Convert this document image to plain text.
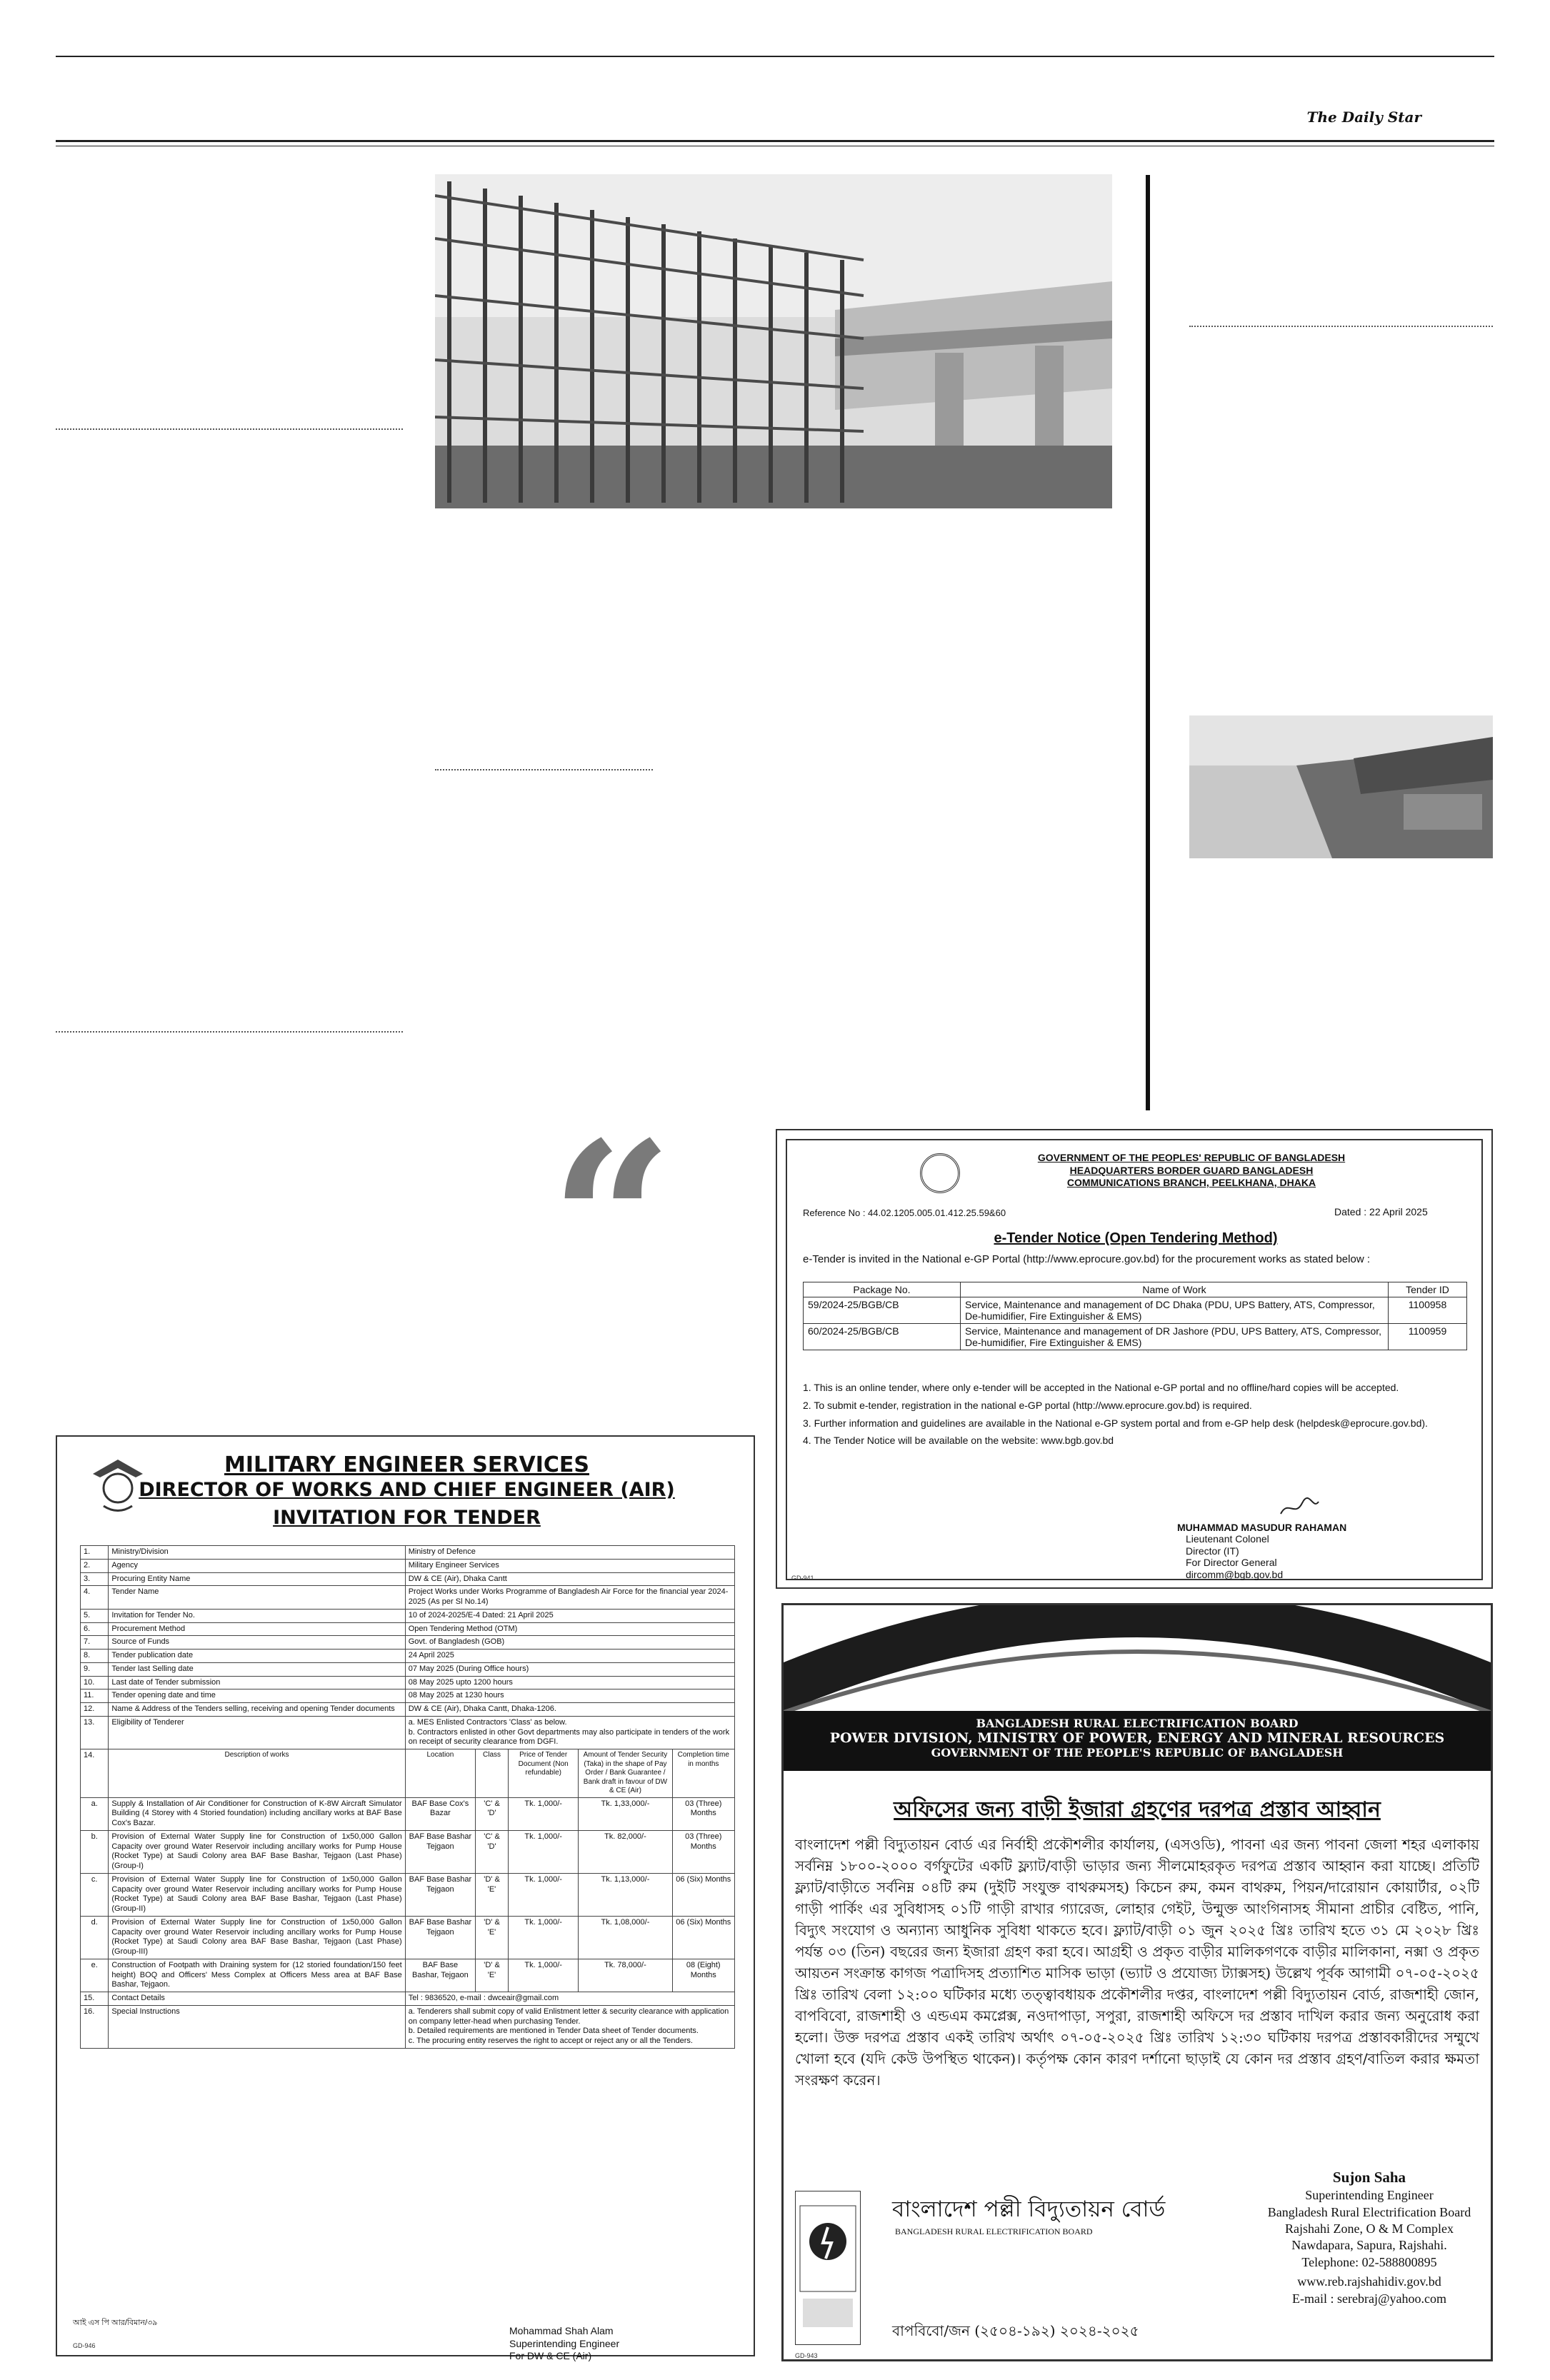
The Daily Star
“	GOVERNMENT OF THE PEOPLES' REPUBLIC OF BANGLADESH
HEADQUARTERS BORDER GUARD BANGLADESH
COMMUNICATIONS BRANCH, PEELKHANA, DHAKA
Reference No : 44.02.1205.005.01.412.25.59&60	Dated : 22 April 2025
e-Tender Notice (Open Tendering Method)
e-Tender is invited in the National e-GP Portal (http://www.eprocure.gov.bd) for the procurement works as stated below :
Package No.	Name of Work	Tender ID
59/2024-25/BGB/CB	Service, Maintenance and management of DC Dhaka (PDU, UPS Battery, ATS, Compressor, De-humidifier, Fire Extinguisher & EMS)	1100958
60/2024-25/BGB/CB	Service, Maintenance and management of DR Jashore (PDU, UPS Battery, ATS, Compressor, De-humidifier, Fire Extinguisher & EMS)	1100959
1. This is an online tender, where only e-tender will be accepted in the National e-GP portal and no offline/hard copies will be accepted.
2. To submit e-tender, registration in the national e-GP portal (http://www.eprocure.gov.bd) is required.
3. Further information and guidelines are available in the National e-GP system portal and from e-GP help desk (helpdesk@eprocure.gov.bd).
4. The Tender Notice will be available on the website: www.bgb.gov.bd
MUHAMMAD MASUDUR RAHAMAN
Lieutenant Colonel
Director (IT)
For Director General
dircomm@bgb.gov.bd
GD-941
MILITARY ENGINEER SERVICES
DIRECTOR OF WORKS AND CHIEF ENGINEER (AIR)
INVITATION FOR TENDER
1.	Ministry/Division	Ministry of Defence				
2.	Agency	Military Engineer Services				
3.	Procuring Entity Name	DW & CE (Air), Dhaka Cantt				
4.	Tender Name	Project Works under Works Programme of Bangladesh Air Force for the financial year 2024-2025 (As per Sl No.14)				
5.	Invitation for Tender No.	10 of 2024-2025/E-4 Dated: 21 April 2025				
6.	Procurement Method	Open Tendering Method (OTM)				
7.	Source of Funds	Govt. of Bangladesh (GOB)				
8.	Tender publication date	24 April 2025				
9.	Tender last Selling date	07 May 2025 (During Office hours)				
10.	Last date of Tender submission	08 May 2025 upto 1200 hours				
11.	Tender opening date and time	08 May 2025 at 1230 hours				
12.	Name & Address of the Tenders selling, receiving and opening Tender documents	DW & CE (Air), Dhaka Cantt, Dhaka-1206.				
13.	Eligibility of Tenderer	a. MES Enlisted Contractors 'Class' as below.
b. Contractors enlisted in other Govt departments may also participate in tenders of the work on receipt of security clearance from DGFI.				
14.	Description of works	Location	Class	Price of Tender Document (Non refundable)	Amount of Tender Security (Taka) in the shape of Pay Order / Bank Guarantee / Bank draft in favour of DW & CE (Air)	Completion time in months
a.	Supply & Installation of Air Conditioner for Construction of K-8W Aircraft Simulator Building (4 Storey with 4 Storied foundation) including ancillary works at BAF Base Cox's Bazar.	BAF Base Cox's Bazar	'C' & 'D'	Tk. 1,000/-	Tk. 1,33,000/-	03 (Three) Months
b.	Provision of External Water Supply line for Construction of 1x50,000 Gallon Capacity over ground Water Reservoir including ancillary works for Pump House (Rocket Type) at Saudi Colony area BAF Base Bashar, Tejgaon (Last Phase) (Group-I)	BAF Base Bashar Tejgaon	'C' & 'D'	Tk. 1,000/-	Tk. 82,000/-	03 (Three) Months
c.	Provision of External Water Supply line for Construction of 1x50,000 Gallon Capacity over ground Water Reservoir including ancillary works for Pump House (Rocket Type) at Saudi Colony area BAF Base Bashar, Tejgaon (Last Phase) (Group-II)	BAF Base Bashar Tejgaon	'D' & 'E'	Tk. 1,000/-	Tk. 1,13,000/-	06 (Six) Months
d.	Provision of External Water Supply line for Construction of 1x50,000 Gallon Capacity over ground Water Reservoir including ancillary works for Pump House (Rocket Type) at Saudi Colony area BAF Base Bashar, Tejgaon (Last Phase) (Group-III)	BAF Base Bashar Tejgaon	'D' & 'E'	Tk. 1,000/-	Tk. 1,08,000/-	06 (Six) Months
e.	Construction of Footpath with Draining system for (12 storied foundation/150 feet height) BOQ and Officers' Mess Complex at Officers Mess area at BAF Base Bashar, Tejgaon.	BAF Base Bashar, Tejgaon	'D' & 'E'	Tk. 1,000/-	Tk. 78,000/-	08 (Eight) Months
15.	Contact Details	Tel : 9836520, e-mail : dwceair@gmail.com				
16.	Special Instructions	a. Tenderers shall submit copy of valid Enlistment letter & security clearance with application on company letter-head when purchasing Tender.
b. Detailed requirements are mentioned in Tender Data sheet of Tender documents.
c. The procuring entity reserves the right to accept or reject any or all the Tenders.				
আই এস পি আর/বিমান/৩৯
Mohammad Shah Alam
Superintending Engineer
For DW & CE (Air)
GD-946
BANGLADESH RURAL ELECTRIFICATION BOARD
POWER DIVISION, MINISTRY OF POWER, ENERGY AND MINERAL RESOURCES
GOVERNMENT OF THE PEOPLE'S REPUBLIC OF BANGLADESH
অফিসের জন্য বাড়ী ইজারা গ্রহণের দরপত্র প্রস্তাব আহ্বান
বাংলাদেশ পল্লী বিদ্যুতায়ন বোর্ড এর নির্বাহী প্রকৌশলীর কার্যালয়, (এসওডি), পাবনা এর জন্য পাবনা জেলা শহর এলাকায় সর্বনিম্ন ১৮০০-২০০০ বর্গফুটের একটি ফ্ল্যাট/বাড়ী ভাড়ার জন্য সীলমোহরকৃত দরপত্র প্রস্তাব আহ্বান করা যাচ্ছে। প্রতিটি ফ্ল্যাট/বাড়ীতে সর্বনিম্ন ০৪টি রুম (দুইটি সংযুক্ত বাথরুমসহ) কিচেন রুম, কমন বাথরুম, পিয়ন/দারোয়ান কোয়ার্টার, ০২টি গাড়ী পার্কিং এর সুবিধাসহ ০১টি গাড়ী রাখার গ্যারেজ, লোহার গেইট, উন্মুক্ত আংগিনাসহ সীমানা প্রাচীর বেষ্টিত, পানি, বিদ্যুৎ সংযোগ ও অন্যান্য আধুনিক সুবিধা থাকতে হবে। ফ্ল্যাট/বাড়ী ০১ জুন ২০২৫ খ্রিঃ তারিখ হতে ৩১ মে ২০২৮ খ্রিঃ পর্যন্ত ০৩ (তিন) বছরের জন্য ইজারা গ্রহণ করা হবে। আগ্রহী ও প্রকৃত বাড়ীর মালিকগণকে বাড়ীর মালিকানা, নক্সা ও প্রকৃত আয়তন সংক্রান্ত কাগজ পত্রাদিসহ প্রত্যাশিত মাসিক ভাড়া (ভ্যাট ও প্রযোজ্য ট্যাক্সসহ) উল্লেখ পূর্বক আগামী ০৭-০৫-২০২৫ খ্রিঃ তারিখ বেলা ১২:০০ ঘটিকার মধ্যে তত্ত্বাবধায়ক প্রকৌশলীর দপ্তর, বাংলাদেশ পল্লী বিদ্যুতায়ন বোর্ড, রাজশাহী জোন, বাপবিবো, রাজশাহী ও এন্ডএম কমপ্লেক্স, নওদাপাড়া, সপুরা, রাজশাহী অফিসে দর প্রস্তাব দাখিল করার জন্য অনুরোধ করা হলো। উক্ত দরপত্র প্রস্তাব একই তারিখ অর্থাৎ ০৭-০৫-২০২৫ খ্রিঃ তারিখ ১২:৩০ ঘটিকায় দরপত্র প্রস্তাবকারীদের সম্মুখে খোলা হবে (যদি কেউ উপস্থিত থাকেন)। কর্তৃপক্ষ কোন কারণ দর্শানো ছাড়াই যে কোন দর প্রস্তাব গ্রহণ/বাতিল করার ক্ষমতা সংরক্ষণ করেন।
বাংলাদেশ পল্লী বিদ্যুতায়ন বোর্ড
BANGLADESH RURAL ELECTRIFICATION BOARD
বাপবিবো/জন (২৫০৪-১৯২) ২০২৪-২০২৫
Sujon Saha
Superintending Engineer
Bangladesh Rural Electrification Board
Rajshahi Zone, O & M Complex
Nawdapara, Sapura, Rajshahi.
Telephone: 02-588800895
www.reb.rajshahidiv.gov.bd
E-mail : serebraj@yahoo.com
GD-943
